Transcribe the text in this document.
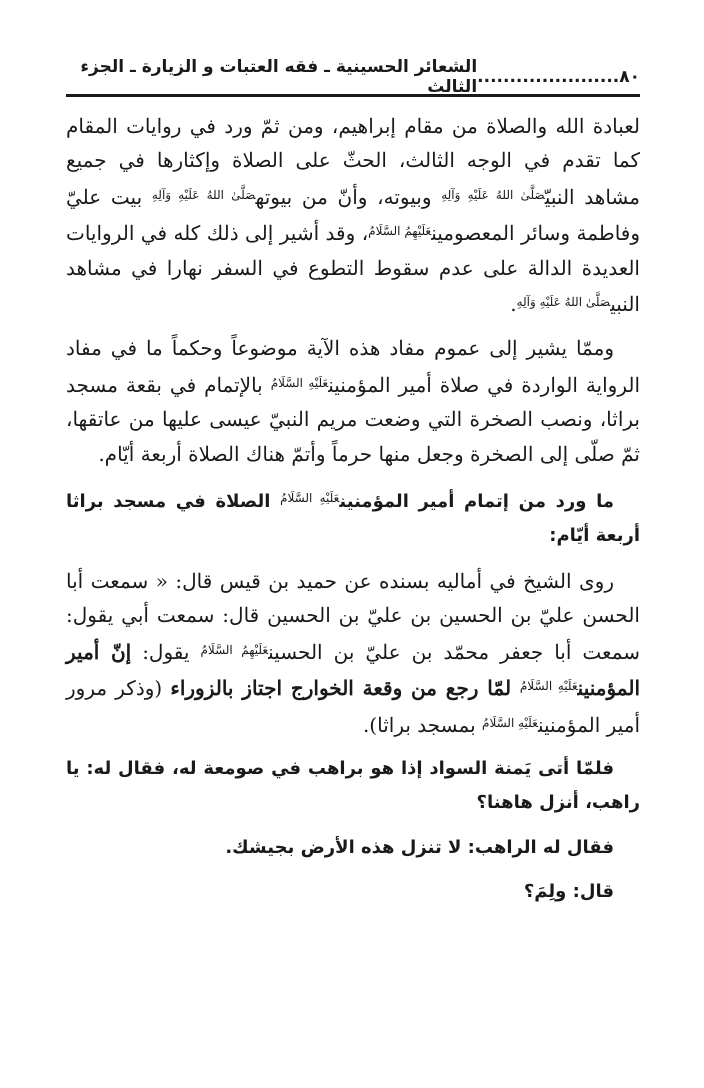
٨٠......................
الشعائر الحسينية ـ فقه العتبات و الزيارة ـ الجزء الثالث

لعبادة الله والصلاة من مقام إبراهيم، ومن ثمّ ورد في روايات المقام كما تقدم في الوجه الثالث، الحثّ على الصلاة وإكثارها في جميع مشاهد النبيّ$^{صَلَّىٰ اللهُ عَلَيْهِ وَآلِهِ}$ وبيوته، وأنّ من بيوته$^{صَلَّىٰ اللهُ عَلَيْهِ وَآلِهِ}$ بيت عليّ وفاطمة وسائر المعصومين$^{عَلَيْهِمُ السَّلَامُ}$، وقد أشير إلى ذلك كله في الروايات العديدة الدالة على عدم سقوط التطوع في السفر نهارا في مشاهد النبي$^{صَلَّىٰ اللهُ عَلَيْهِ وَآلِهِ}$.

وممّا يشير إلى عموم مفاد هذه الآية موضوعاً وحكماً ما في مفاد الرواية الواردة في صلاة أمير المؤمنين$^{عَلَيْهِ السَّلَامُ}$ بالإتمام في بقعة مسجد براثا، ونصب الصخرة التي وضعت مريم النبيّ عيسى عليها من عاتقها، ثمّ صلّى إلى الصخرة وجعل منها حرماً وأتمّ هناك الصلاة أربعة أيّام.

ما ورد من إتمام أمير المؤمنين$^{عَلَيْهِ السَّلَامُ}$ الصلاة في مسجد براثا أربعة أيّام:

روى الشيخ في أماليه بسنده عن حميد بن قيس قال: « سمعت أبا الحسن عليّ بن الحسين بن عليّ بن الحسين قال: سمعت أبي يقول: سمعت أبا جعفر محمّد بن عليّ بن الحسين$^{عَلَيْهِمُ السَّلَامُ}$ يقول: إنّ أمير المؤمنين$^{عَلَيْهِ السَّلَامُ}$ لمّا رجع من وقعة الخوارج اجتاز بالزوراء (وذكر مرور أمير المؤمنين$^{عَلَيْهِ السَّلَامُ}$ بمسجد براثا).

فلمّا أتى يَمنة السواد إذا هو براهب في صومعة له، فقال له: يا راهب، أنزل هاهنا؟

فقال له الراهب: لا تنزل هذه الأرض بجيشك.

قال: ولِمَ؟
